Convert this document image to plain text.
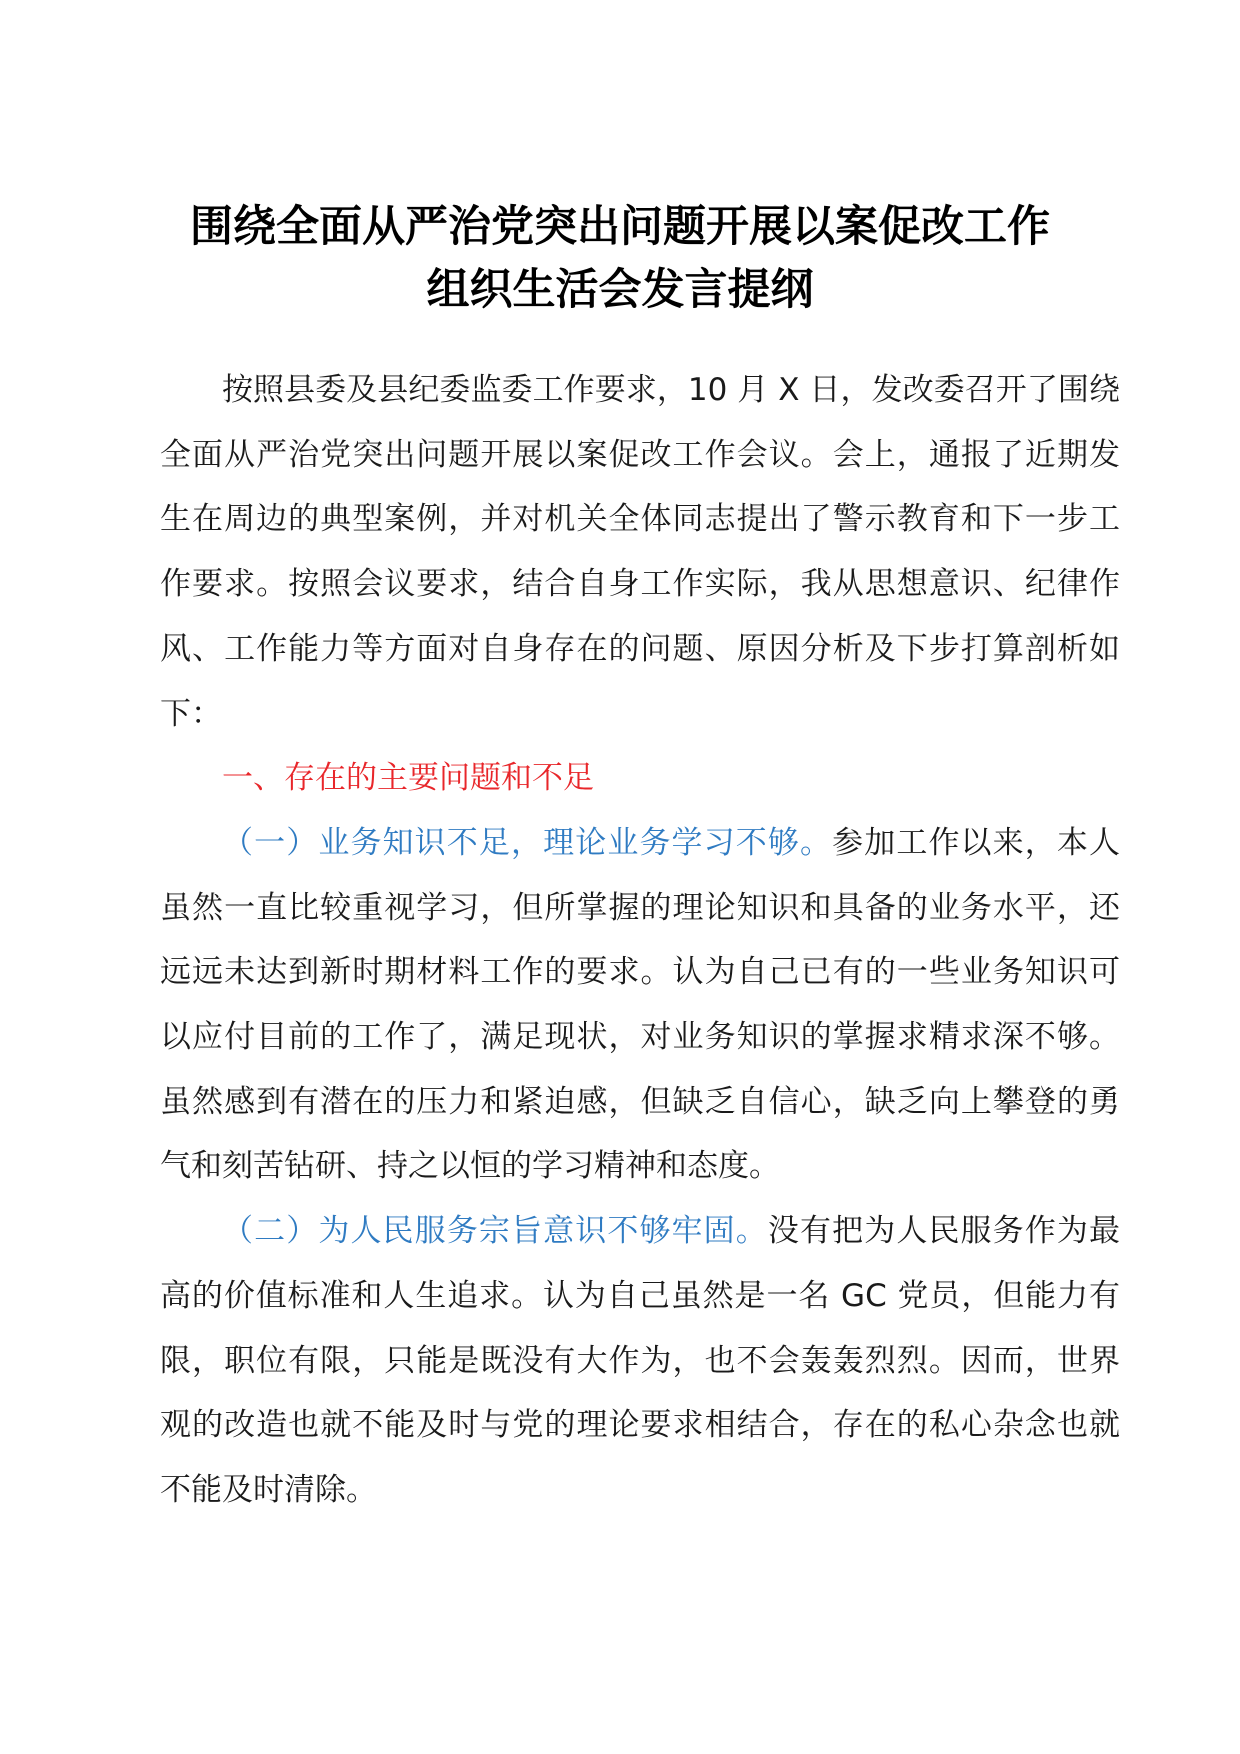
围绕全面从严治党突出问题开展以案促改工作
组织生活会发言提纲

按照县委及县纪委监委工作要求，10 月 X 日，发改委召开了围绕全面从严治党突出问题开展以案促改工作会议。会上，通报了近期发生在周边的典型案例，并对机关全体同志提出了警示教育和下一步工作要求。按照会议要求，结合自身工作实际，我从思想意识、纪律作风、工作能力等方面对自身存在的问题、原因分析及下步打算剖析如下：

一、存在的主要问题和不足

（一）业务知识不足，理论业务学习不够。参加工作以来，本人虽然一直比较重视学习，但所掌握的理论知识和具备的业务水平，还远远未达到新时期材料工作的要求。认为自己已有的一些业务知识可以应付目前的工作了，满足现状，对业务知识的掌握求精求深不够。虽然感到有潜在的压力和紧迫感，但缺乏自信心，缺乏向上攀登的勇气和刻苦钻研、持之以恒的学习精神和态度。

（二）为人民服务宗旨意识不够牢固。没有把为人民服务作为最高的价值标准和人生追求。认为自己虽然是一名 GC 党员，但能力有限，职位有限，只能是既没有大作为，也不会轰轰烈烈。因而，世界观的改造也就不能及时与党的理论要求相结合，存在的私心杂念也就不能及时清除。
